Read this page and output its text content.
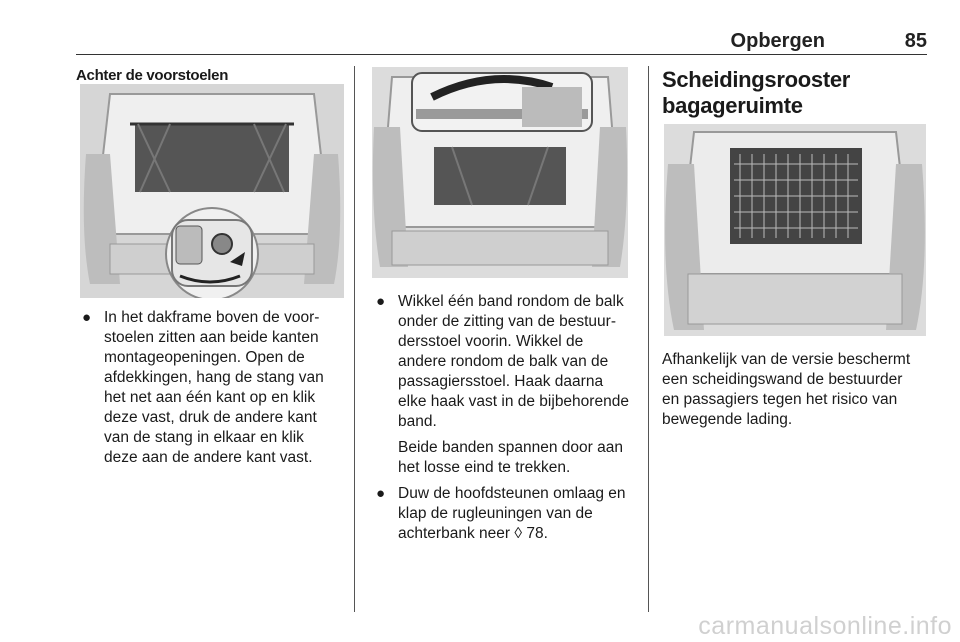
Opbergen	85
Achter de voorstoelen
● In het dakframe boven de voor-
stoelen zitten aan beide kanten
montageopeningen. Open de
afdekkingen, hang de stang van
het net aan één kant op en klik
deze vast, druk de andere kant
van de stang in elkaar en klik
deze aan de andere kant vast.
● Wikkel één band rondom de balk
onder de zitting van de bestuur-
dersstoel voorin. Wikkel de
andere rondom de balk van de
passagiersstoel. Haak daarna
elke haak vast in de bijbehorende
band.
Beide banden spannen door aan
het losse eind te trekken.
● Duw de hoofdsteunen omlaag en
klap de rugleuningen van de
achterbank neer ◊ 78.
Scheidingsrooster
bagageruimte
Afhankelijk van de versie beschermt
een scheidingswand de bestuurder
en passagiers tegen het risico van
bewegende lading.
carmanualsonline.info
